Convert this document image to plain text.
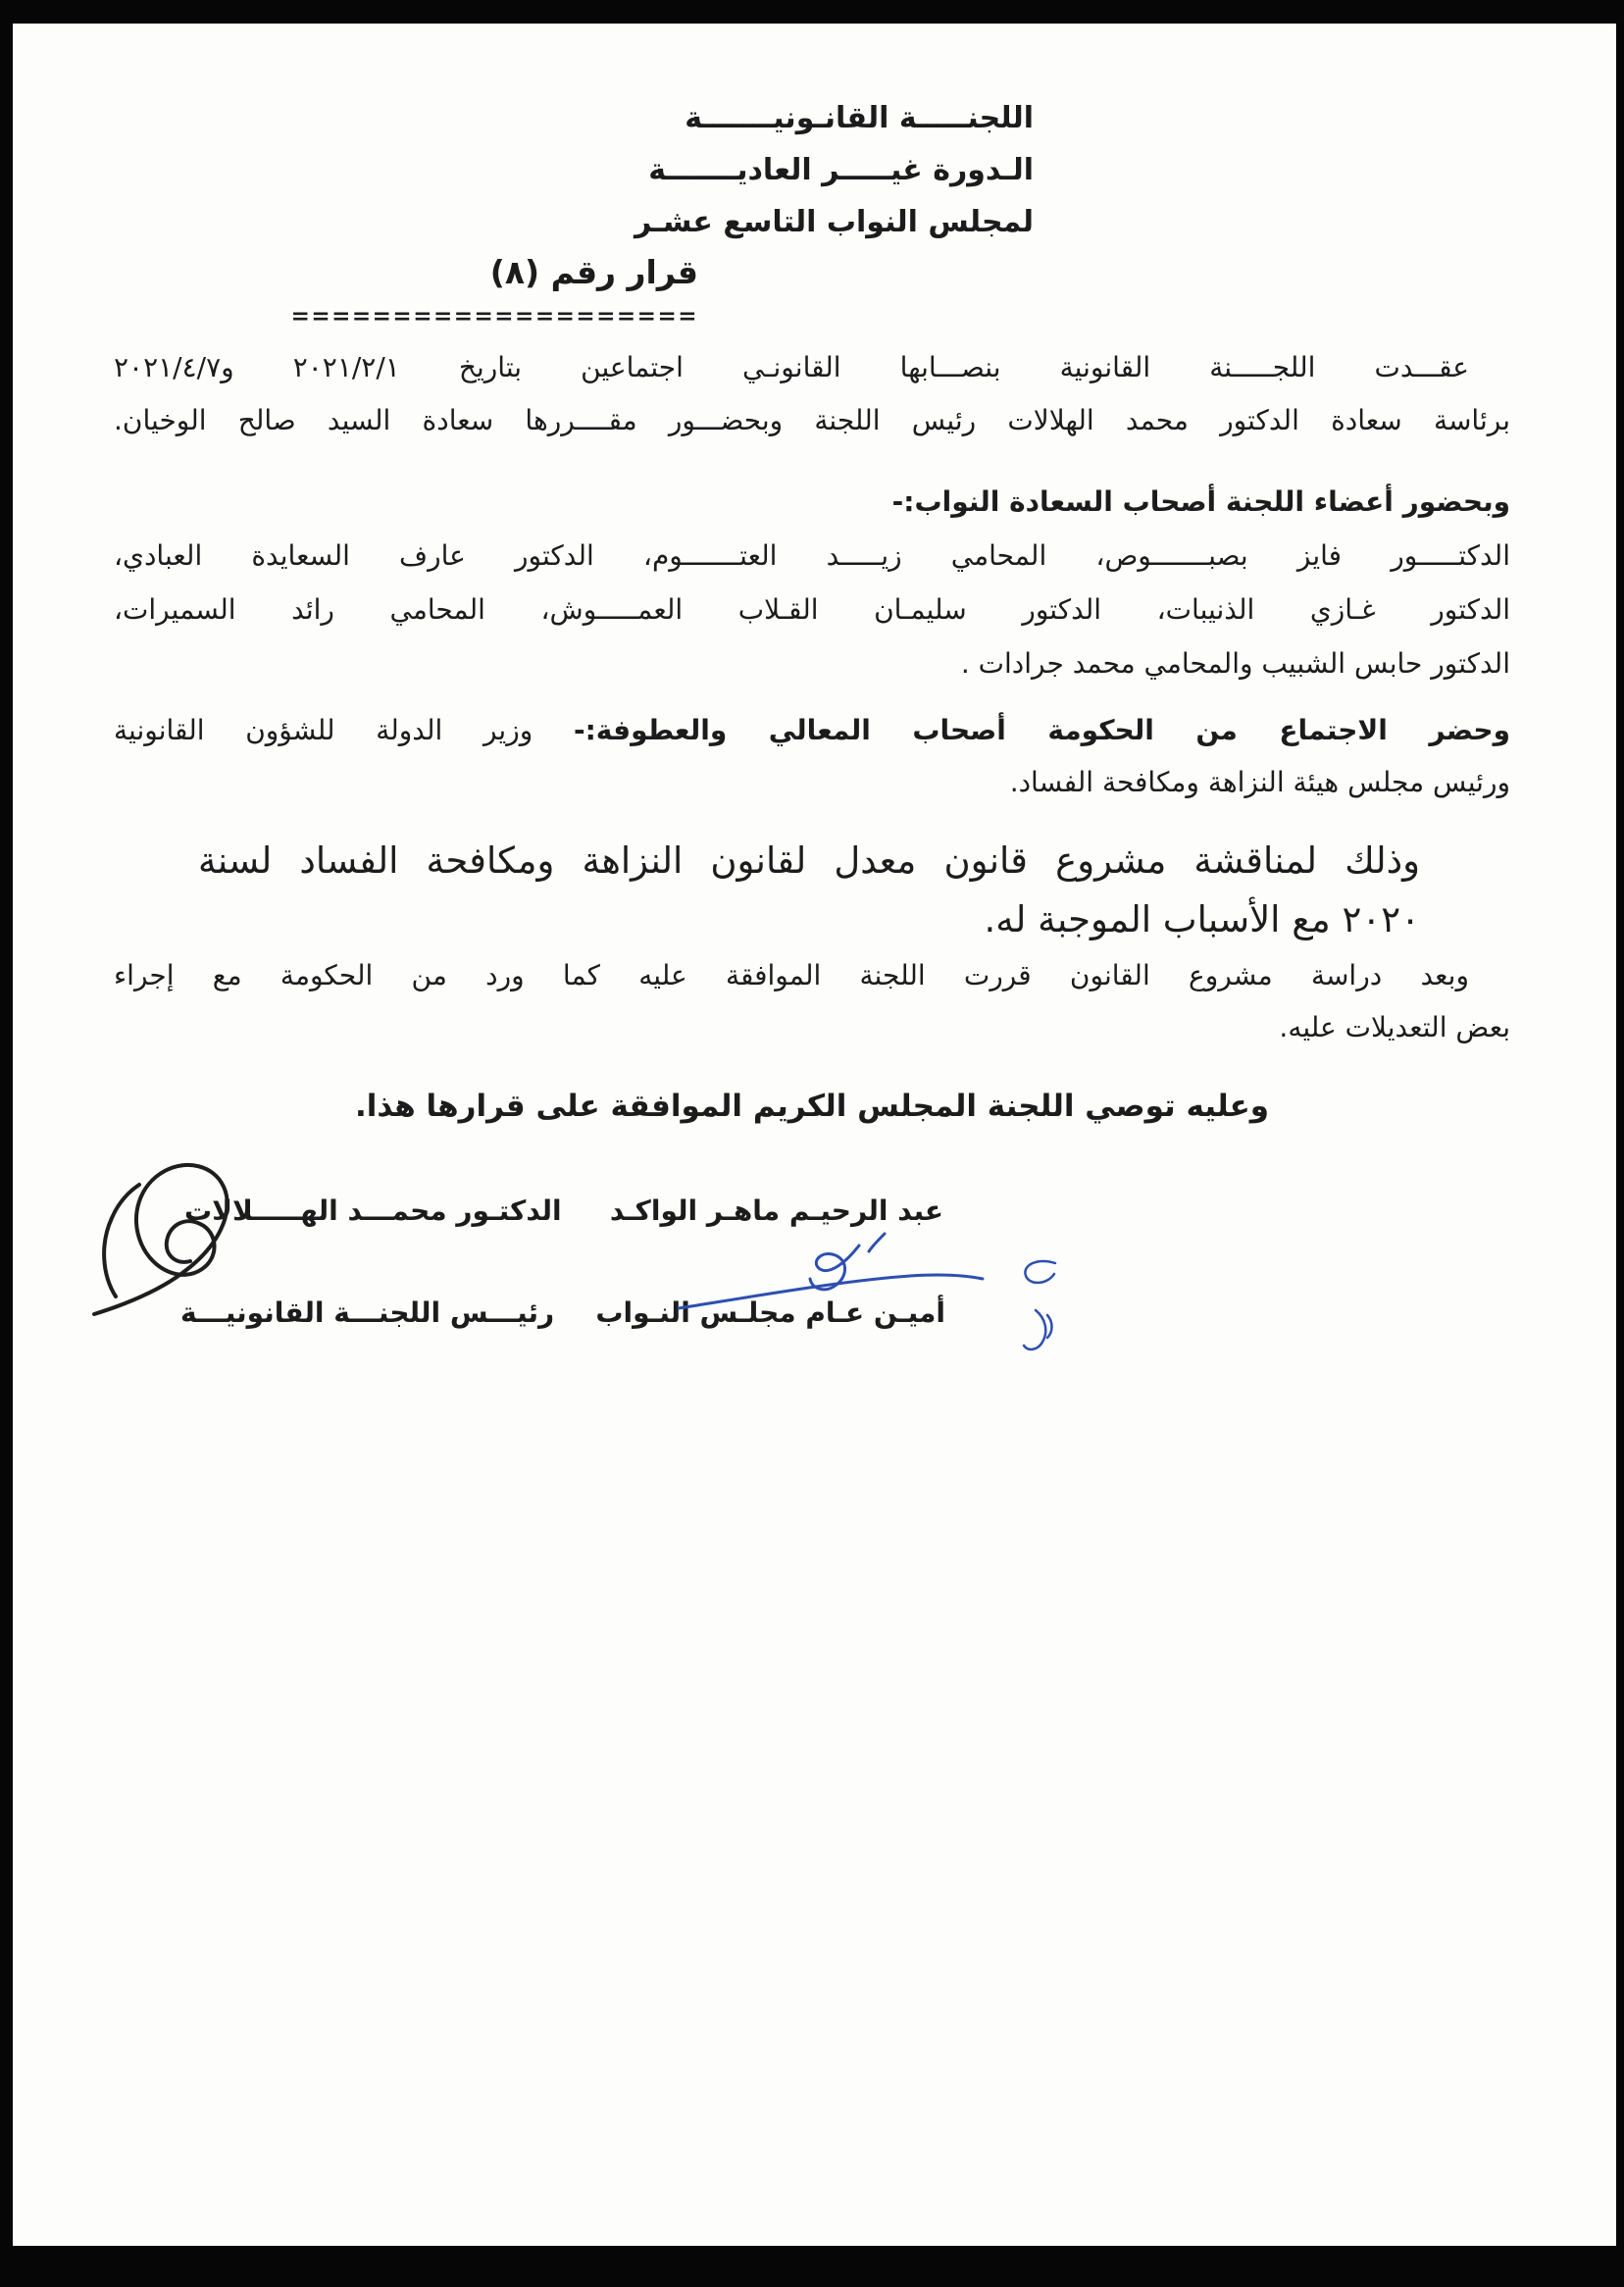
اللجنـــــة القانـونيـــــــة
الـدورة غيـــــر العاديـــــــة
لمجلس النواب التاسع عشـر
قرار رقم (٨)
====================
عقـــدت اللجـــــنة القانونية بنصـــابها القانونـي اجتماعين بتاريخ ٢٠٢١/٢/١ و٢٠٢١/٤/٧
برئاسة سعادة الدكتور محمد الهلالات رئيس اللجنة وبحضـــور مقــــررها سعادة السيد صالح الوخيان.
وبحضور أعضاء اللجنة أصحاب السعادة النواب:-
الدكتـــــور فايز بصبـــــــوص، المحامي زيـــــد العتـــــــوم، الدكتور عارف السعايدة العبادي،
الدكتور غـازي الذنيبات، الدكتور سليمـان القـلاب العمـــــوش، المحامي رائد السميرات،
الدكتور حابس الشبيب والمحامي محمد جرادات .
وحضر الاجتماع من الحكومة أصحاب المعالي والعطوفة:- وزير الدولة للشؤون القانونية
ورئيس مجلس هيئة النزاهة ومكافحة الفساد.
وذلك لمناقشة مشروع قانون معدل لقانون النزاهة ومكافحة الفساد لسنة
٢٠٢٠ مع الأسباب الموجبة له.
وبعد دراسة مشروع القانون قررت اللجنة الموافقة عليه كما ورد من الحكومة مع إجراء
بعض التعديلات عليه.
وعليه توصي اللجنة المجلس الكريم الموافقة على قرارها هذا.
عبد الرحيـم ماهـر الواكـد
أميـن عـام مجلـس النـواب
الدكتـور محمـــد الهـــــلالات
رئيـــس اللجنـــة القانونيـــة
